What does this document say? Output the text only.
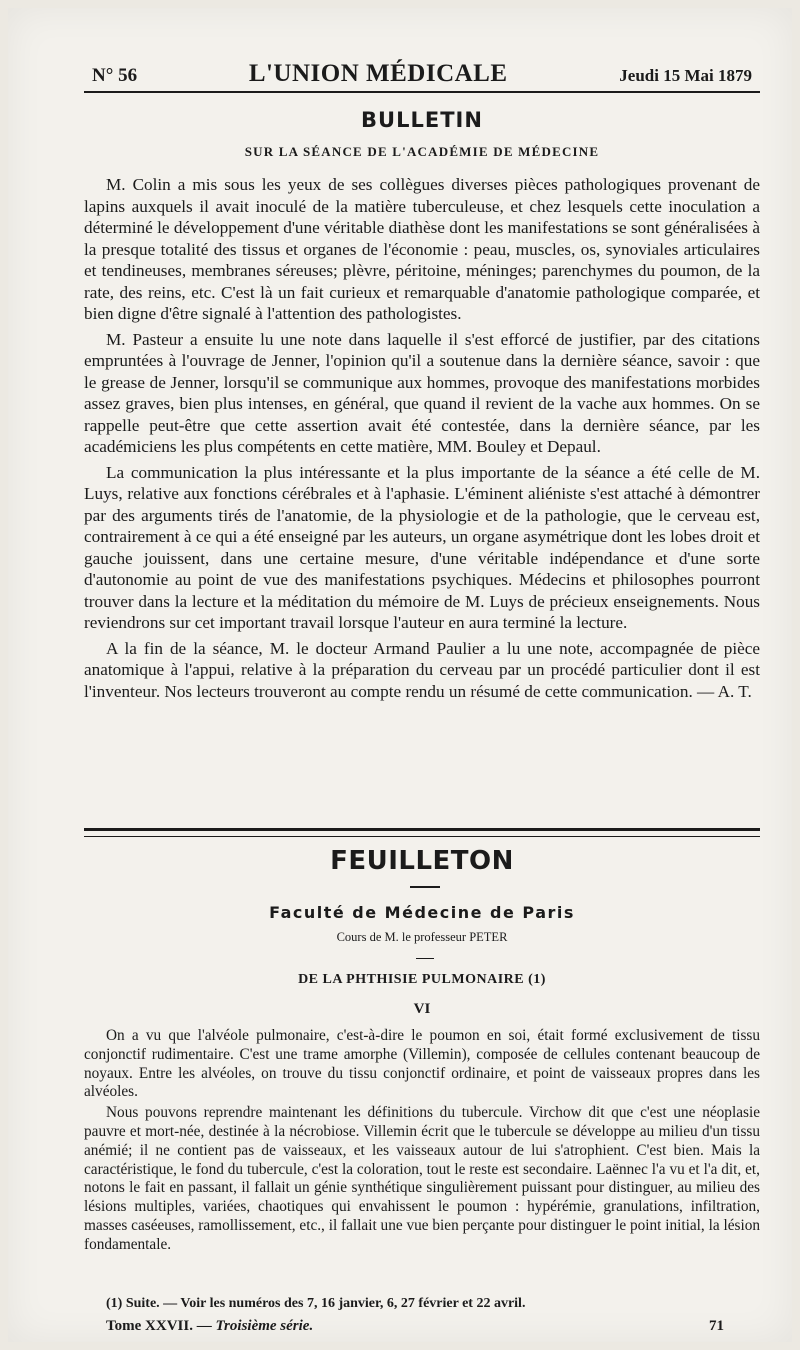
N° 56	L'UNION MÉDICALE	Jeudi 15 Mai 1879
BULLETIN
SUR LA SÉANCE DE L'ACADÉMIE DE MÉDECINE

M. Colin a mis sous les yeux de ses collègues diverses pièces pathologiques provenant de lapins auxquels il avait inoculé de la matière tuberculeuse, et chez lesquels cette inoculation a déterminé le développement d'une véritable diathèse dont les manifestations se sont généralisées à la presque totalité des tissus et organes de l'économie : peau, muscles, os, synoviales articulaires et tendineuses, membranes séreuses; plèvre, péritoine, méninges; parenchymes du poumon, de la rate, des reins, etc. C'est là un fait curieux et remarquable d'anatomie pathologique comparée, et bien digne d'être signalé à l'attention des pathologistes.

M. Pasteur a ensuite lu une note dans laquelle il s'est efforcé de justifier, par des citations empruntées à l'ouvrage de Jenner, l'opinion qu'il a soutenue dans la dernière séance, savoir : que le grease de Jenner, lorsqu'il se communique aux hommes, provoque des manifestations morbides assez graves, bien plus intenses, en général, que quand il revient de la vache aux hommes. On se rappelle peut-être que cette assertion avait été contestée, dans la dernière séance, par les académiciens les plus compétents en cette matière, MM. Bouley et Depaul.

La communication la plus intéressante et la plus importante de la séance a été celle de M. Luys, relative aux fonctions cérébrales et à l'aphasie. L'éminent aliéniste s'est attaché à démontrer par des arguments tirés de l'anatomie, de la physiologie et de la pathologie, que le cerveau est, contrairement à ce qui a été enseigné par les auteurs, un organe asymétrique dont les lobes droit et gauche jouissent, dans une certaine mesure, d'une véritable indépendance et d'une sorte d'autonomie au point de vue des manifestations psychiques. Médecins et philosophes pourront trouver dans la lecture et la méditation du mémoire de M. Luys de précieux enseignements. Nous reviendrons sur cet important travail lorsque l'auteur en aura terminé la lecture.

A la fin de la séance, M. le docteur Armand Paulier a lu une note, accompagnée de pièce anatomique à l'appui, relative à la préparation du cerveau par un procédé particulier dont il est l'inventeur. Nos lecteurs trouveront au compte rendu un résumé de cette communication. — A. T.

FEUILLETON
Faculté de Médecine de Paris
Cours de M. le professeur PETER
DE LA PHTHISIE PULMONAIRE (1)
VI

On a vu que l'alvéole pulmonaire, c'est-à-dire le poumon en soi, était formé exclusivement de tissu conjonctif rudimentaire. C'est une trame amorphe (Villemin), composée de cellules contenant beaucoup de noyaux. Entre les alvéoles, on trouve du tissu conjonctif ordinaire, et point de vaisseaux propres dans les alvéoles.

Nous pouvons reprendre maintenant les définitions du tubercule. Virchow dit que c'est une néoplasie pauvre et mort-née, destinée à la nécrobiose. Villemin écrit que le tubercule se développe au milieu d'un tissu anémié; il ne contient pas de vaisseaux, et les vaisseaux autour de lui s'atrophient. C'est bien. Mais la caractéristique, le fond du tubercule, c'est la coloration, tout le reste est secondaire. Laënnec l'a vu et l'a dit, et, notons le fait en passant, il fallait un génie synthétique singulièrement puissant pour distinguer, au milieu des lésions multiples, variées, chaotiques qui envahissent le poumon : hypérémie, granulations, infiltration, masses caséeuses, ramollissement, etc., il fallait une vue bien perçante pour distinguer le point initial, la lésion fondamentale.

(1) Suite. — Voir les numéros des 7, 16 janvier, 6, 27 février et 22 avril.
Tome XXVII. — Troisième série.	71
